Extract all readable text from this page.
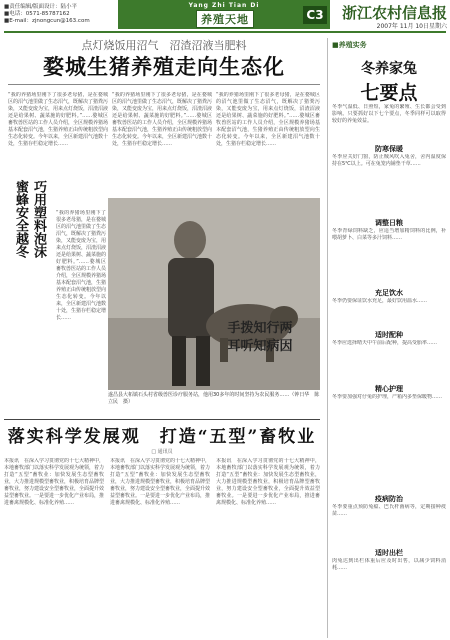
■责任编辑/版面设计：陆小平
■电话：0571-85787162
■E-mail：zjnongcun@163.com
Yang Zhi Tian Di
养殖天地	C3	浙江农村信息报
2007年 11月 10日星期六
点灯烧饭用沼气　沼渣沼液当肥料
婺城生猪养殖走向生态化
“我的养猪场里刚下了很多老母猪，是在婺城区的沼气池里做了生态沼气，既解决了猪粪污染，又能变废为宝，用来点灯烧饭，沼渣沼液还是给果树、蔬菜施的好肥料。”……婺城区畜牧兽医站的工作人员介绍，全区规模养猪场基本配套沼气池，生猪养殖正由传统粗放型向生态化转变。今年以来，全区新建沼气池数十处，生猪存栏稳定增长……
“我的养猪场里刚下了很多老母猪，是在婺城区的沼气池里做了生态沼气，既解决了猪粪污染，又能变废为宝，用来点灯烧饭，沼渣沼液还是给果树、蔬菜施的好肥料。”……婺城区畜牧兽医站的工作人员介绍，全区规模养猪场基本配套沼气池，生猪养殖正由传统粗放型向生态化转变。今年以来，全区新建沼气池数十处，生猪存栏稳定增长……
“我的养猪场里刚下了很多老母猪，是在婺城区的沼气池里做了生态沼气，既解决了猪粪污染，又能变废为宝，用来点灯烧饭，沼渣沼液还是给果树、蔬菜施的好肥料。”……婺城区畜牧兽医站的工作人员介绍，全区规模养猪场基本配套沼气池，生猪养殖正由传统粗放型向生态化转变。今年以来，全区新建沼气池数十处，生猪存栏稳定增长……
巧用塑料泡沫
蜜蜂安全越冬
“我的养猪场里刚下了很多老母猪，是在婺城区的沼气池里做了生态沼气，既解决了猪粪污染，又能变废为宝，用来点灯烧饭，沼渣沼液还是给果树、蔬菜施的好肥料。”……婺城区畜牧兽医站的工作人员介绍，全区规模养猪场基本配套沼气池，生猪养殖正由传统粗放型向生态化转变。今年以来，全区新建沼气池数十处，生猪存栏稳定增长……
手拨知行两
耳听知病因
遂昌县大柘镇石头村省级兽医诊疗服务站，他用30多年的时间坚持为农民服务……（钟日华　陈立民　摄）
落实科学发展观　打造“五型”畜牧业
□ 通讯员
本报讯　在深入学习贯彻党的十七大精神中，本地畜牧部门以落实科学发展观为统领，着力打造“五型”畜牧业：加快发展生态型畜牧业，大力推进规模型畜牧业，积极培育品牌型畜牧业，努力建设安全型畜牧业，全面提升效益型畜牧业。一是要进一步优化产业布局，推进畜禽规模化、标准化养殖……
本报讯　在深入学习贯彻党的十七大精神中，本地畜牧部门以落实科学发展观为统领，着力打造“五型”畜牧业：加快发展生态型畜牧业，大力推进规模型畜牧业，积极培育品牌型畜牧业，努力建设安全型畜牧业，全面提升效益型畜牧业。一是要进一步优化产业布局，推进畜禽规模化、标准化养殖……
本报讯　在深入学习贯彻党的十七大精神中，本地畜牧部门以落实科学发展观为统领，着力打造“五型”畜牧业：加快发展生态型畜牧业，大力推进规模型畜牧业，积极培育品牌型畜牧业，努力建设安全型畜牧业，全面提升效益型畜牧业。一是要进一步优化产业布局，推进畜禽规模化、标准化养殖……
■养殖实务
冬养家兔
七要点
冬季气温低、日照短，家兔的繁殖、生长都会受到影响。只要抓好以下七个要点，冬季同样可以取得较好的养兔效益。
防寒保暖
冬季应关好门窗，防止贼风吹入兔舍，舍内温度保持在5℃以上。可在兔笼内铺垫干草……
调整日粮
冬季青绿饲料缺乏，应适当增加精饲料的比例，补喂胡萝卜、白菜等多汁饲料……
充足饮水
冬季仍要保证饮水充足，最好饮用温水……
适时配种
冬季应选择晴天中午前后配种，提高受胎率……
精心护理
冬季要加强对仔兔的护理，产箱内多垫保暖物……
疫病防治
冬季要重点预防兔瘟、巴氏杆菌病等，定期接种疫苗……
适时出栏
肉兔达到出栏体重后应及时出售，以减少饲料消耗……
